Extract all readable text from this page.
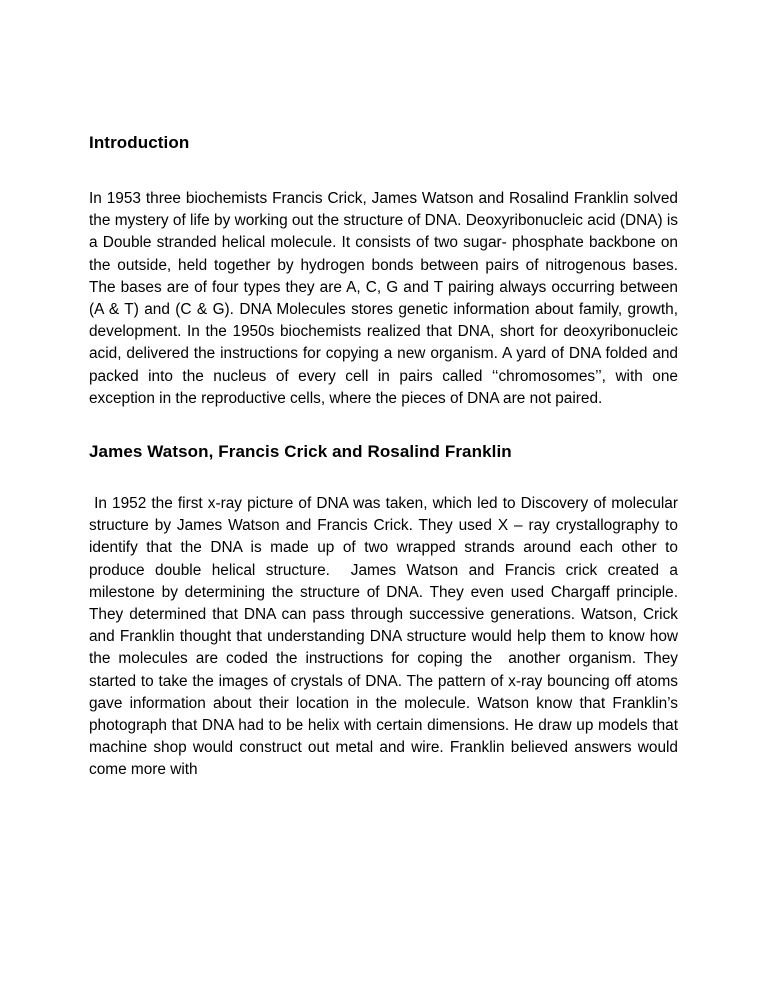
Introduction

In 1953 three biochemists Francis Crick, James Watson and Rosalind Franklin solved the mystery of life by working out the structure of DNA. Deoxyribonucleic acid (DNA) is a Double stranded helical molecule. It consists of two sugar- phosphate backbone on the outside, held together by hydrogen bonds between pairs of nitrogenous bases. The bases are of four types they are A, C, G and T pairing always occurring between (A & T) and (C & G). DNA Molecules stores genetic information about family, growth, development. In the 1950s biochemists realized that DNA, short for deoxyribonucleic acid, delivered the instructions for copying a new organism. A yard of DNA folded and packed into the nucleus of every cell in pairs called ‘‘chromosomes’’, with one exception in the reproductive cells, where the pieces of DNA are not paired.

James Watson, Francis Crick and Rosalind Franklin

In 1952 the first x-ray picture of DNA was taken, which led to Discovery of molecular structure by James Watson and Francis Crick. They used X – ray crystallography to identify that the DNA is made up of two wrapped strands around each other to produce double helical structure.  James Watson and Francis crick created a milestone by determining the structure of DNA. They even used Chargaff principle. They determined that DNA can pass through successive generations. Watson, Crick and Franklin thought that understanding DNA structure would help them to know how the molecules are coded the instructions for coping the  another organism. They started to take the images of crystals of DNA. The pattern of x-ray bouncing off atoms gave information about their location in the molecule. Watson know that Franklin’s photograph that DNA had to be helix with certain dimensions. He draw up models that machine shop would construct out metal and wire. Franklin believed answers would come more with
